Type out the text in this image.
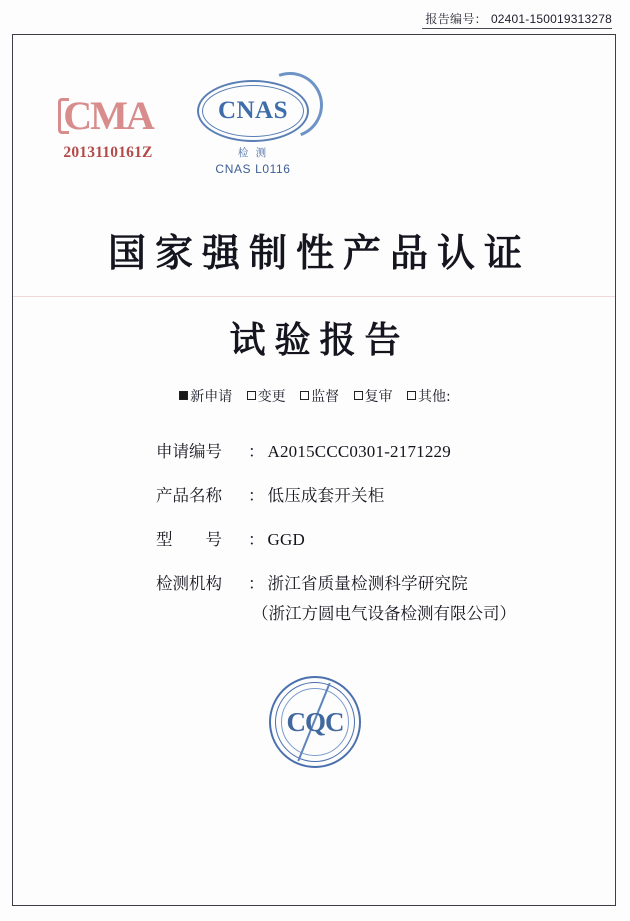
报告编号： 02401-150019313278
CMA
2013110161Z
CNAS
检 测
CNAS L0116
国家强制性产品认证
试验报告
新申请 变更 监督 复审 其他:
申请编号	： A2015CCC0301-2171229
产品名称	： 低压成套开关柜
型　　号	： GGD
检测机构	： 浙江省质量检测科学研究院
（浙江方圆电气设备检测有限公司）
CQC
